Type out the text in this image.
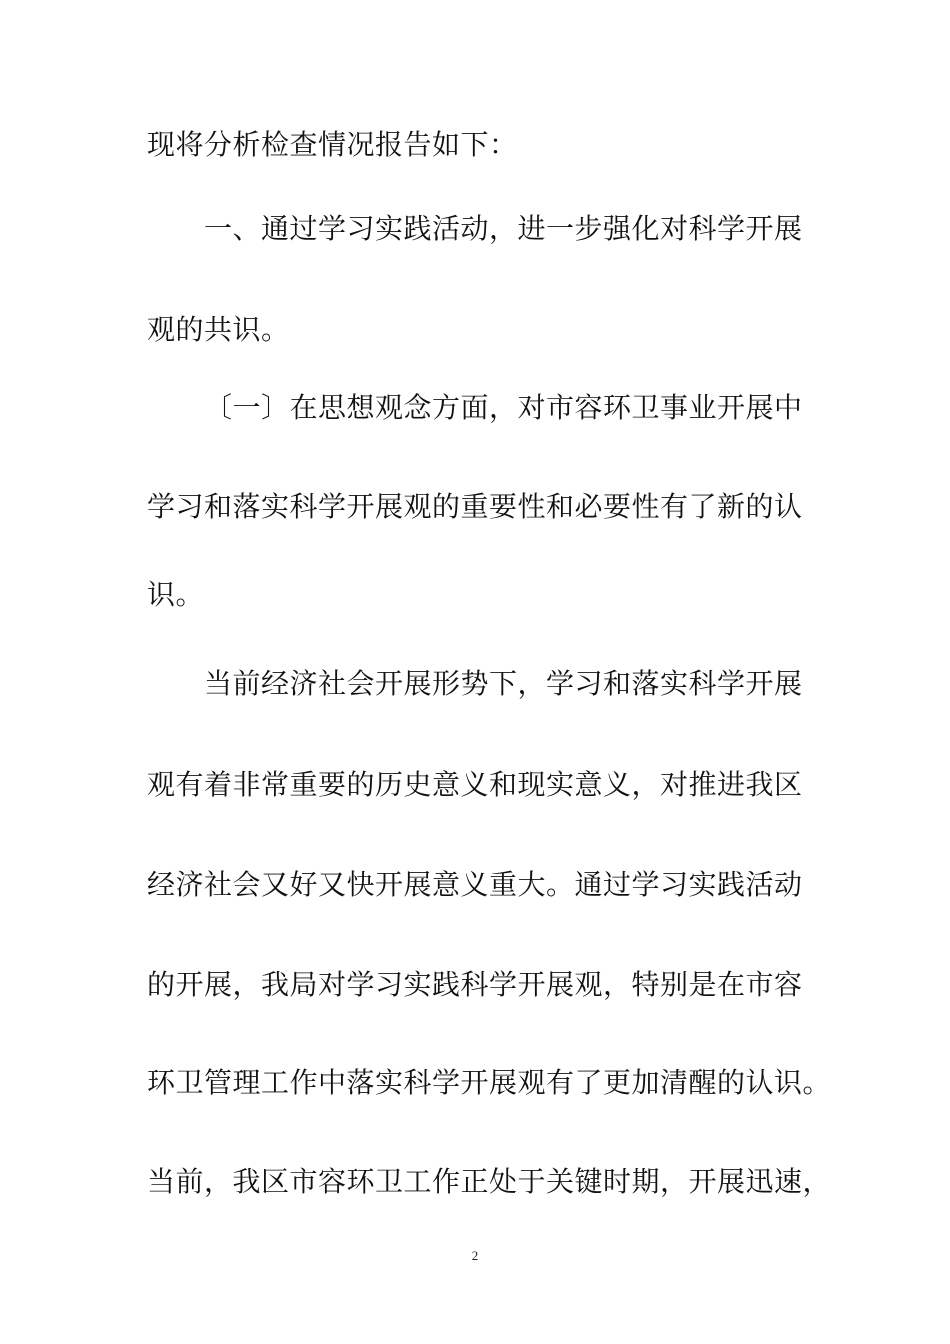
现将分析检查情况报告如下：
一、通过学习实践活动，进一步强化对科学开展
观的共识。
〔一〕在思想观念方面，对市容环卫事业开展中
学习和落实科学开展观的重要性和必要性有了新的认
识。
当前经济社会开展形势下，学习和落实科学开展
观有着非常重要的历史意义和现实意义，对推进我区
经济社会又好又快开展意义重大。通过学习实践活动
的开展，我局对学习实践科学开展观，特别是在市容
环卫管理工作中落实科学开展观有了更加清醒的认识。
当前，我区市容环卫工作正处于关键时期，开展迅速，
2
